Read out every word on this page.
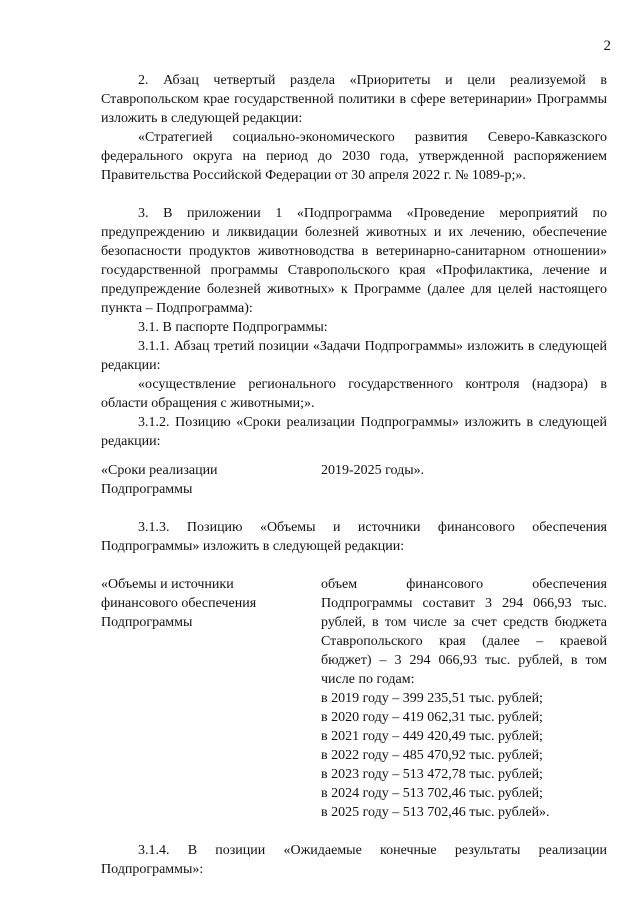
2

2. Абзац четвертый раздела «Приоритеты и цели реализуемой в Ставропольском крае государственной политики в сфере ветеринарии» Программы изложить в следующей редакции:

«Стратегией социально-экономического развития Северо-Кавказского федерального округа на период до 2030 года, утвержденной распоряжением Правительства Российской Федерации от 30 апреля 2022 г. № 1089-р;».

3. В приложении 1 «Подпрограмма «Проведение мероприятий по предупреждению и ликвидации болезней животных и их лечению, обеспечение безопасности продуктов животноводства в ветеринарно-санитарном отношении» государственной программы Ставропольского края «Профилактика, лечение и предупреждение болезней животных» к Программе (далее для целей настоящего пункта – Подпрограмма):

3.1. В паспорте Подпрограммы:

3.1.1. Абзац третий позиции «Задачи Подпрограммы» изложить в следующей редакции:

«осуществление регионального государственного контроля (надзора) в области обращения с животными;».

3.1.2. Позицию «Сроки реализации Подпрограммы» изложить в следующей редакции:

«Сроки реализации
Подпрограммы
2019-2025 годы».

3.1.3. Позицию «Объемы и источники финансового обеспечения Подпрограммы» изложить в следующей редакции:

«Объемы и источники
финансового обеспечения
Подпрограммы
объем финансового обеспечения Подпрограммы составит 3 294 066,93 тыс. рублей, в том числе за счет средств бюджета Ставропольского края (далее – краевой бюджет) – 3 294 066,93 тыс. рублей, в том числе по годам:
в 2019 году – 399 235,51 тыс. рублей;
в 2020 году – 419 062,31 тыс. рублей;
в 2021 году – 449 420,49 тыс. рублей;
в 2022 году – 485 470,92 тыс. рублей;
в 2023 году – 513 472,78 тыс. рублей;
в 2024 году – 513 702,46 тыс. рублей;
в 2025 году – 513 702,46 тыс. рублей».

3.1.4. В позиции «Ожидаемые конечные результаты реализации Подпрограммы»:
